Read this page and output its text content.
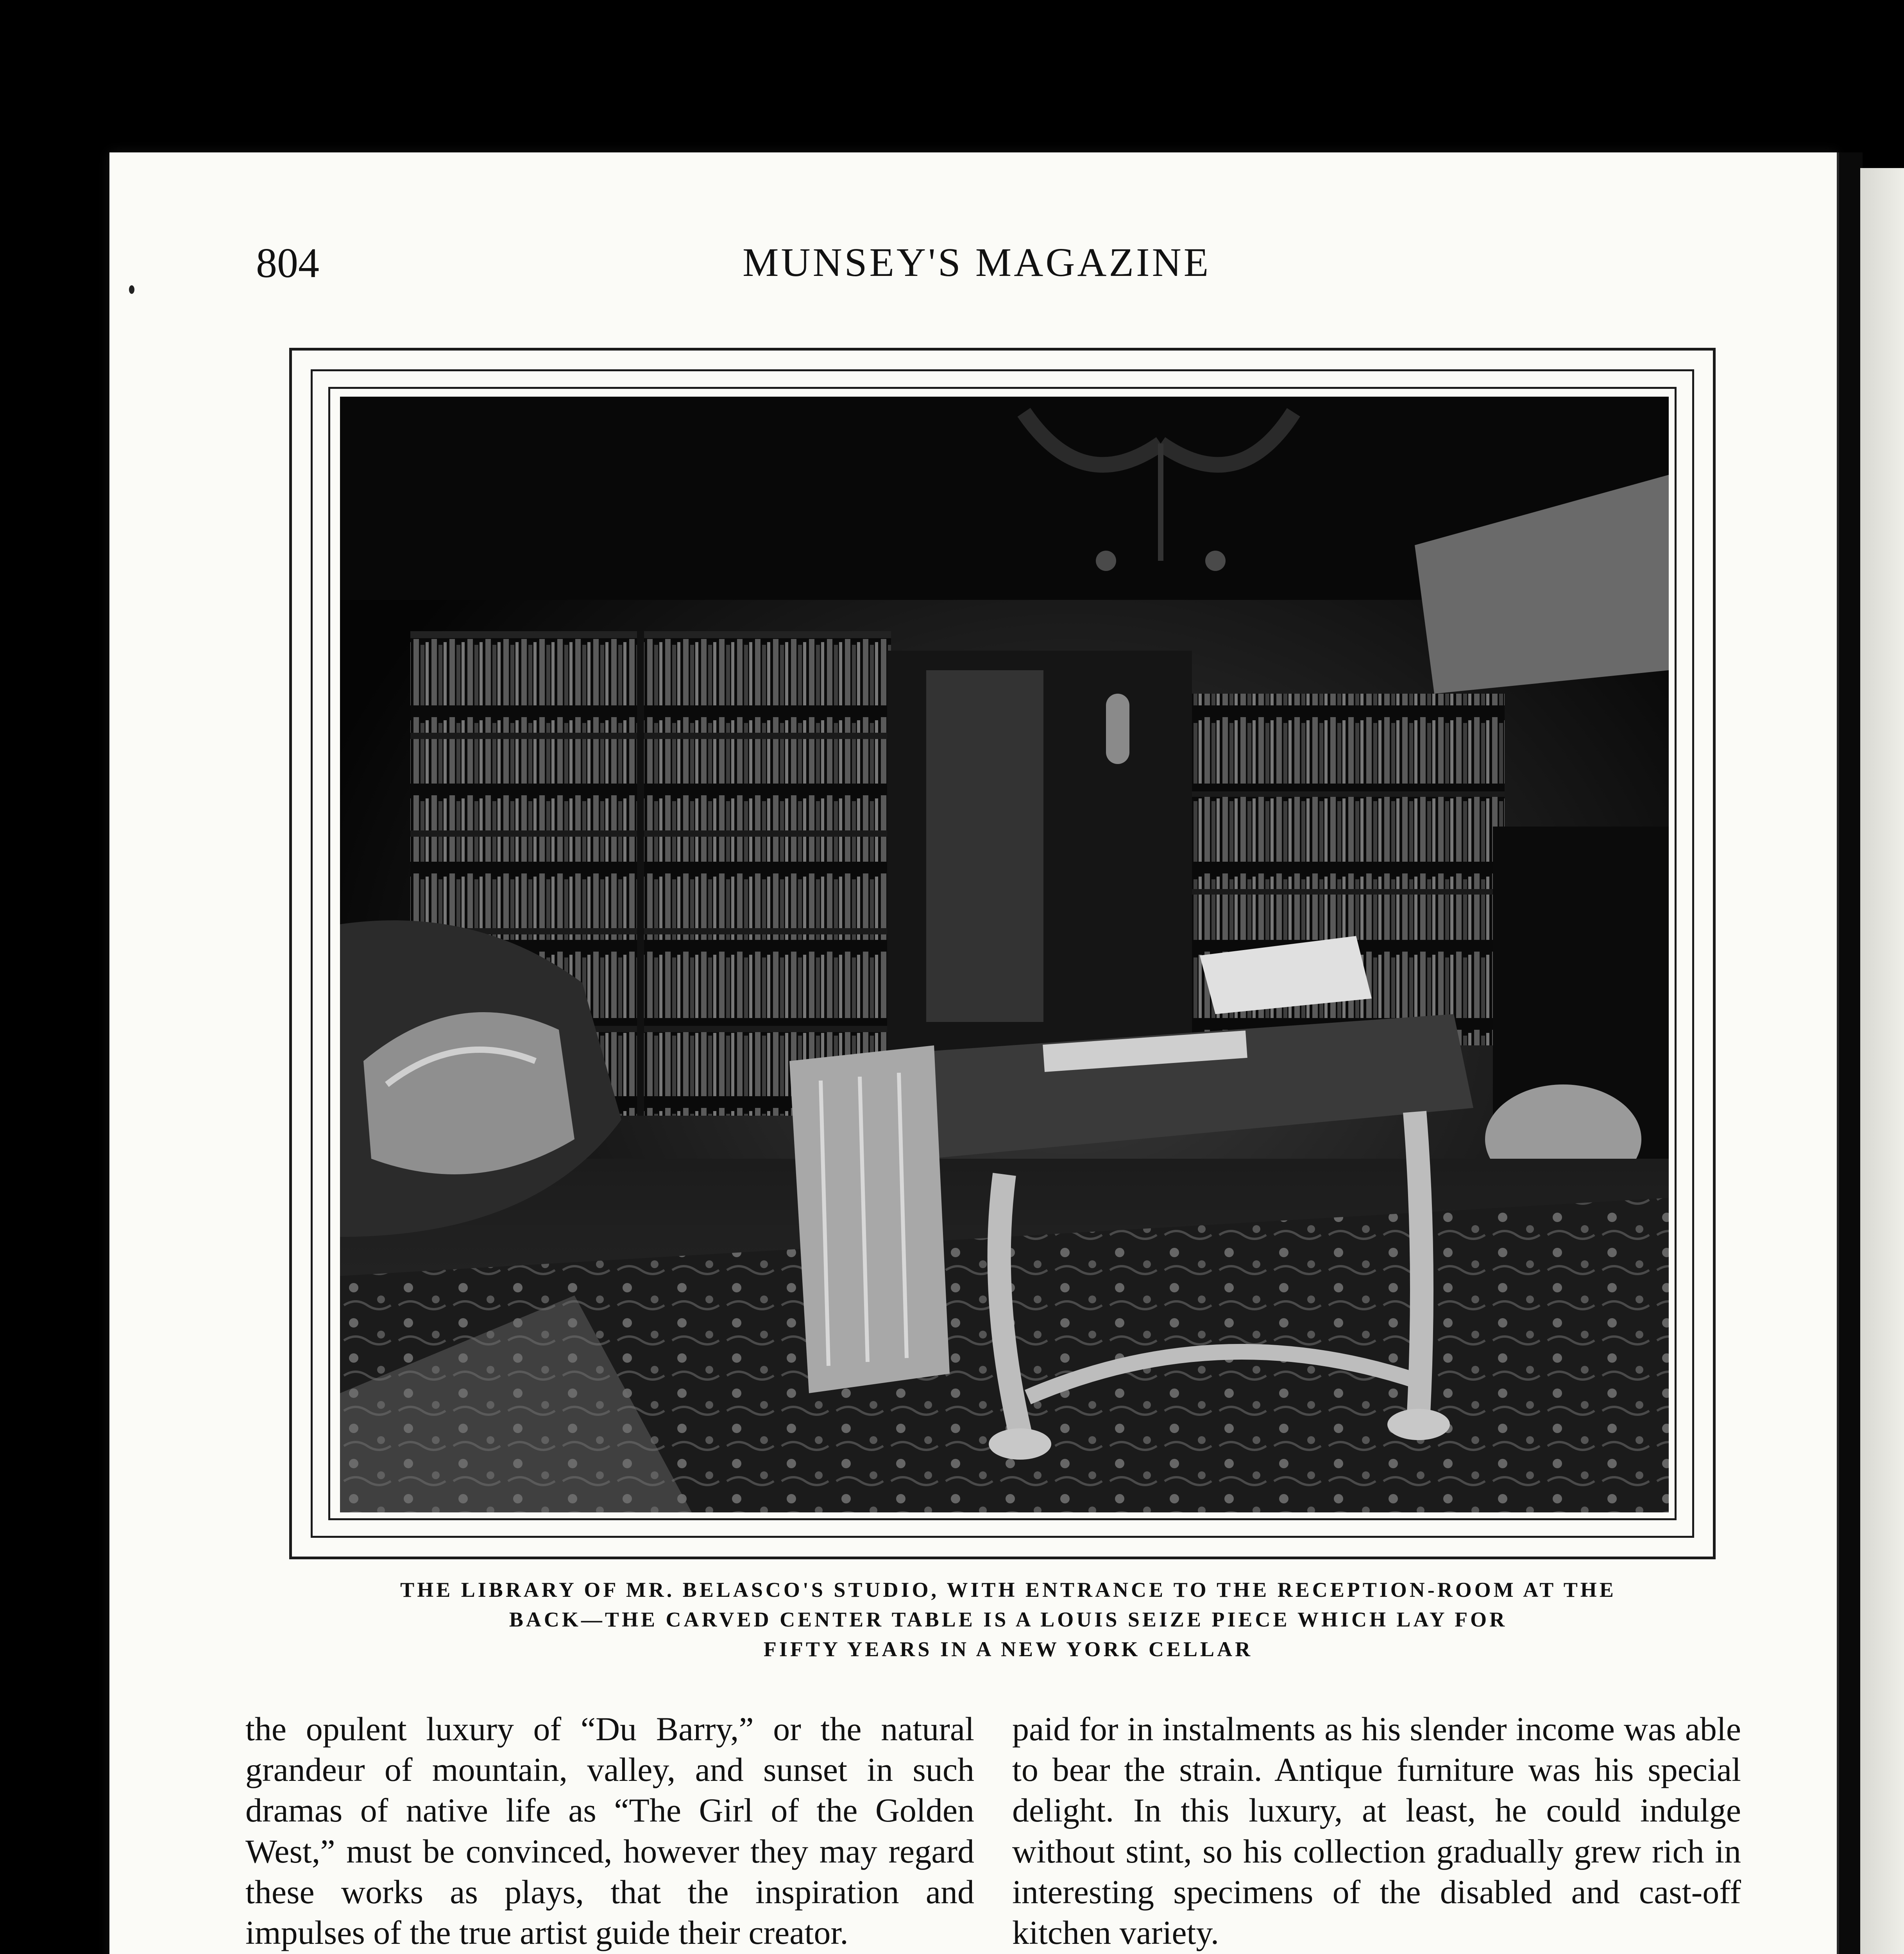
804	MUNSEY'S MAGAZINE
THE LIBRARY OF MR. BELASCO'S STUDIO, WITH ENTRANCE TO THE RECEPTION-ROOM AT THE
BACK—THE CARVED CENTER TABLE IS A LOUIS SEIZE PIECE WHICH LAY FOR
FIFTY YEARS IN A NEW YORK CELLAR

the opulent luxury of “Du Barry,” or the natural grandeur of mountain, valley, and sunset in such dramas of native life as “The Girl of the Golden West,” must be convinced, however they may regard these works as plays, that the inspiration and impulses of the true artist guide their creator.

paid for in instalments as his slender income was able to bear the strain. Antique furniture was his special delight. In this luxury, at least, he could indulge without stint, so his collection gradually grew rich in interesting specimens of the disabled and cast-off kitchen variety.
